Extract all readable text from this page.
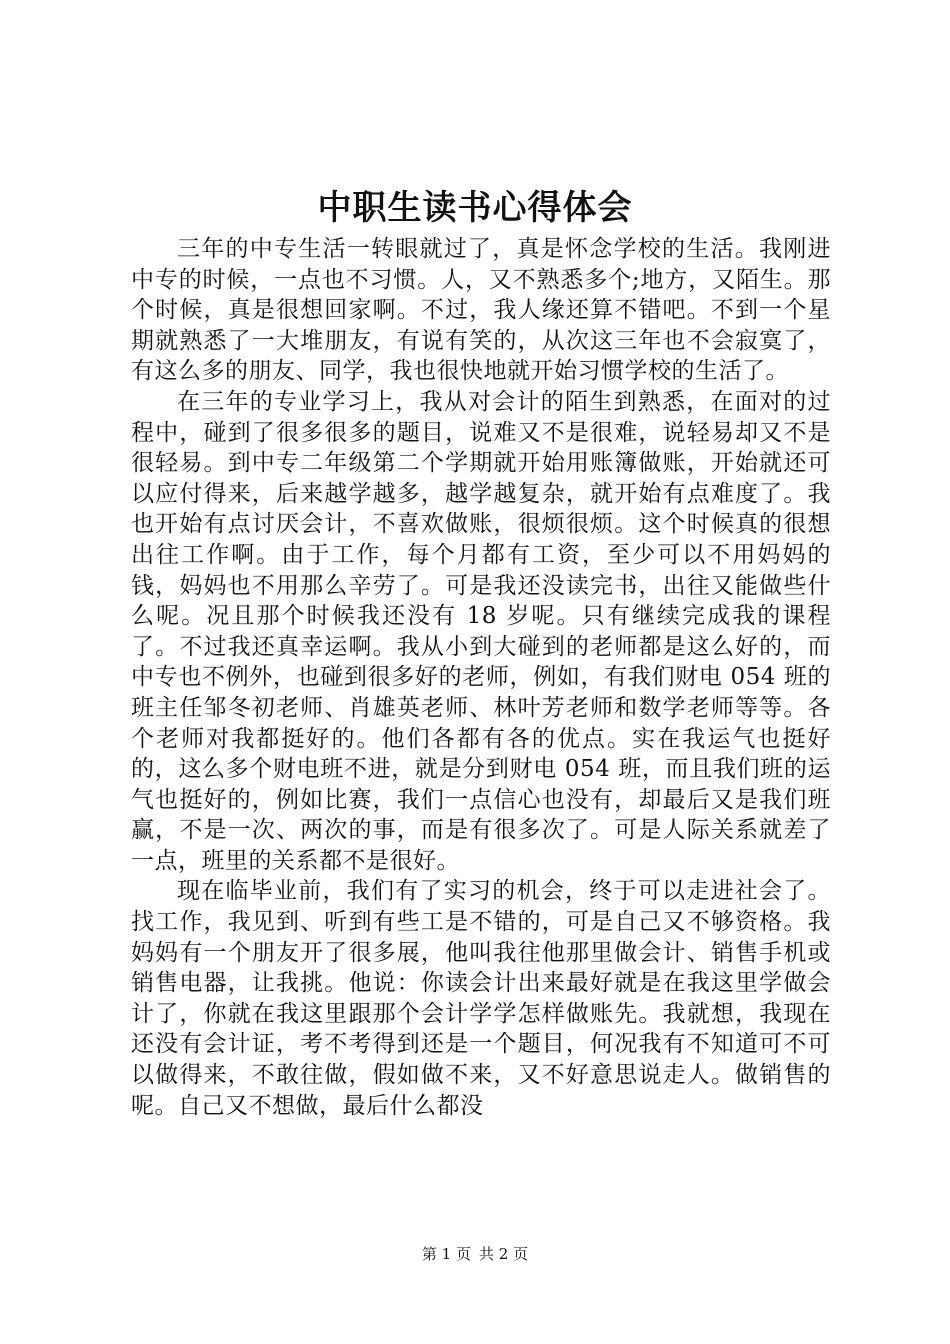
中职生读书心得体会

三年的中专生活一转眼就过了，真是怀念学校的生活。我刚进中专的时候，一点也不习惯。人，又不熟悉多个;地方，又陌生。那个时候，真是很想回家啊。不过，我人缘还算不错吧。不到一个星期就熟悉了一大堆朋友，有说有笑的，从次这三年也不会寂寞了，有这么多的朋友、同学，我也很快地就开始习惯学校的生活了。

在三年的专业学习上，我从对会计的陌生到熟悉，在面对的过程中，碰到了很多很多的题目，说难又不是很难，说轻易却又不是很轻易。到中专二年级第二个学期就开始用账簿做账，开始就还可以应付得来，后来越学越多，越学越复杂，就开始有点难度了。我也开始有点讨厌会计，不喜欢做账，很烦很烦。这个时候真的很想出往工作啊。由于工作，每个月都有工资，至少可以不用妈妈的钱，妈妈也不用那么辛劳了。可是我还没读完书，出往又能做些什么呢。况且那个时候我还没有 18 岁呢。只有继续完成我的课程了。不过我还真幸运啊。我从小到大碰到的老师都是这么好的，而中专也不例外，也碰到很多好的老师，例如，有我们财电 054 班的班主任邹冬初老师、肖雄英老师、林叶芳老师和数学老师等等。各个老师对我都挺好的。他们各都有各的优点。实在我运气也挺好的，这么多个财电班不进，就是分到财电 054 班，而且我们班的运气也挺好的，例如比赛，我们一点信心也没有，却最后又是我们班赢，不是一次、两次的事，而是有很多次了。可是人际关系就差了一点，班里的关系都不是很好。

现在临毕业前，我们有了实习的机会，终于可以走进社会了。找工作，我见到、听到有些工是不错的，可是自己又不够资格。我妈妈有一个朋友开了很多展，他叫我往他那里做会计、销售手机或销售电器，让我挑。他说：你读会计出来最好就是在我这里学做会计了，你就在我这里跟那个会计学学怎样做账先。我就想，我现在还没有会计证，考不考得到还是一个题目，何况我有不知道可不可以做得来，不敢往做，假如做不来，又不好意思说走人。做销售的呢。自己又不想做，最后什么都没

第 1 页 共 2 页
